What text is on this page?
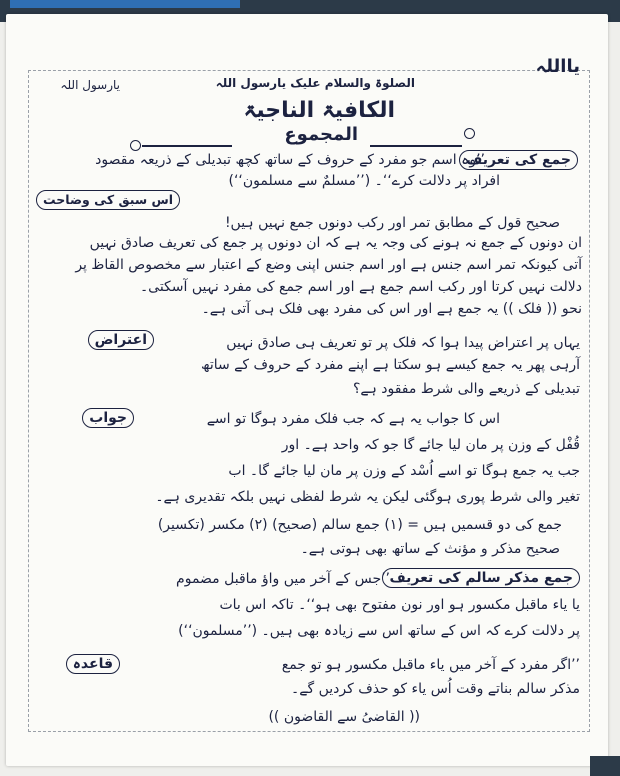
یارسول اللہ	الصلوۃ والسلام علیک یارسول اللہ
یااللہ
الکافیۃ الناجیۃ
المجموع
جمع کی تعریف
’’وہ اسم جو مفرد کے حروف کے ساتھ کچھ تبدیلی کے ذریعہ مقصود
افراد پر دلالت کرے‘‘۔ (’’مسلمٌ سے مسلمون‘‘)
اس سبق کی وضاحت
صحیح قول کے مطابق تمر اور رکب دونوں جمع نہیں ہیں!
ان دونوں کے جمع نہ ہونے کی وجہ یہ ہے کہ ان دونوں پر جمع کی تعریف صادق نہیں
آتی کیونکہ تمر اسم جنس ہے اور اسم جنس اپنی وضع کے اعتبار سے مخصوص القاظ پر
دلالت نہیں کرتا اور رکب اسم جمع ہے اور اسم جمع کی مفرد نہیں آسکتی۔
نحو (( فلک )) یہ جمع ہے اور اس کی مفرد بھی فلک ہی آتی ہے۔
اعتراض	یہاں پر اعتراض پیدا ہوا کہ فلک پر تو تعریف ہی صادق نہیں
آرہی پھر یہ جمع کیسے ہو سکتا ہے اپنے مفرد کے حروف کے ساتھ
تبدیلی کے ذریعے والی شرط مفقود ہے؟
جواب	اس کا جواب یہ ہے کہ جب فلک مفرد ہوگا تو اسے
قُفْل کے وزن پر مان لیا جائے گا جو کہ واحد ہے۔ اور
جب یہ جمع ہوگا تو اسے اُسْد کے وزن پر مان لیا جائے گا۔ اب
تغیر والی شرط پوری ہوگئی لیکن یہ شرط لفظی نہیں بلکہ تقدیری ہے۔
جمع کی دو قسمیں ہیں = (۱) جمع سالم (صحیح) (۲) مکسر (تکسیر)
صحیح مذکر و مؤنث کے ساتھ بھی ہوتی ہے۔
جمع مذکر سالم کی تعریف
’’جس کے آخر میں واؤ ماقبل مضموم
یا یاء ماقبل مکسور ہو اور نون مفتوح بھی ہو‘‘۔ تاکہ اس بات
پر دلالت کرے کہ اس کے ساتھ اس سے زیادہ بھی ہیں۔ (’’مسلمون‘‘)
قاعدہ	’’اگر مفرد کے آخر میں یاء ماقبل مکسور ہو تو جمع
مذکر سالم بناتے وقت اُس یاء کو حذف کردیں گے۔
(( القاضیُ سے القاضون ))
